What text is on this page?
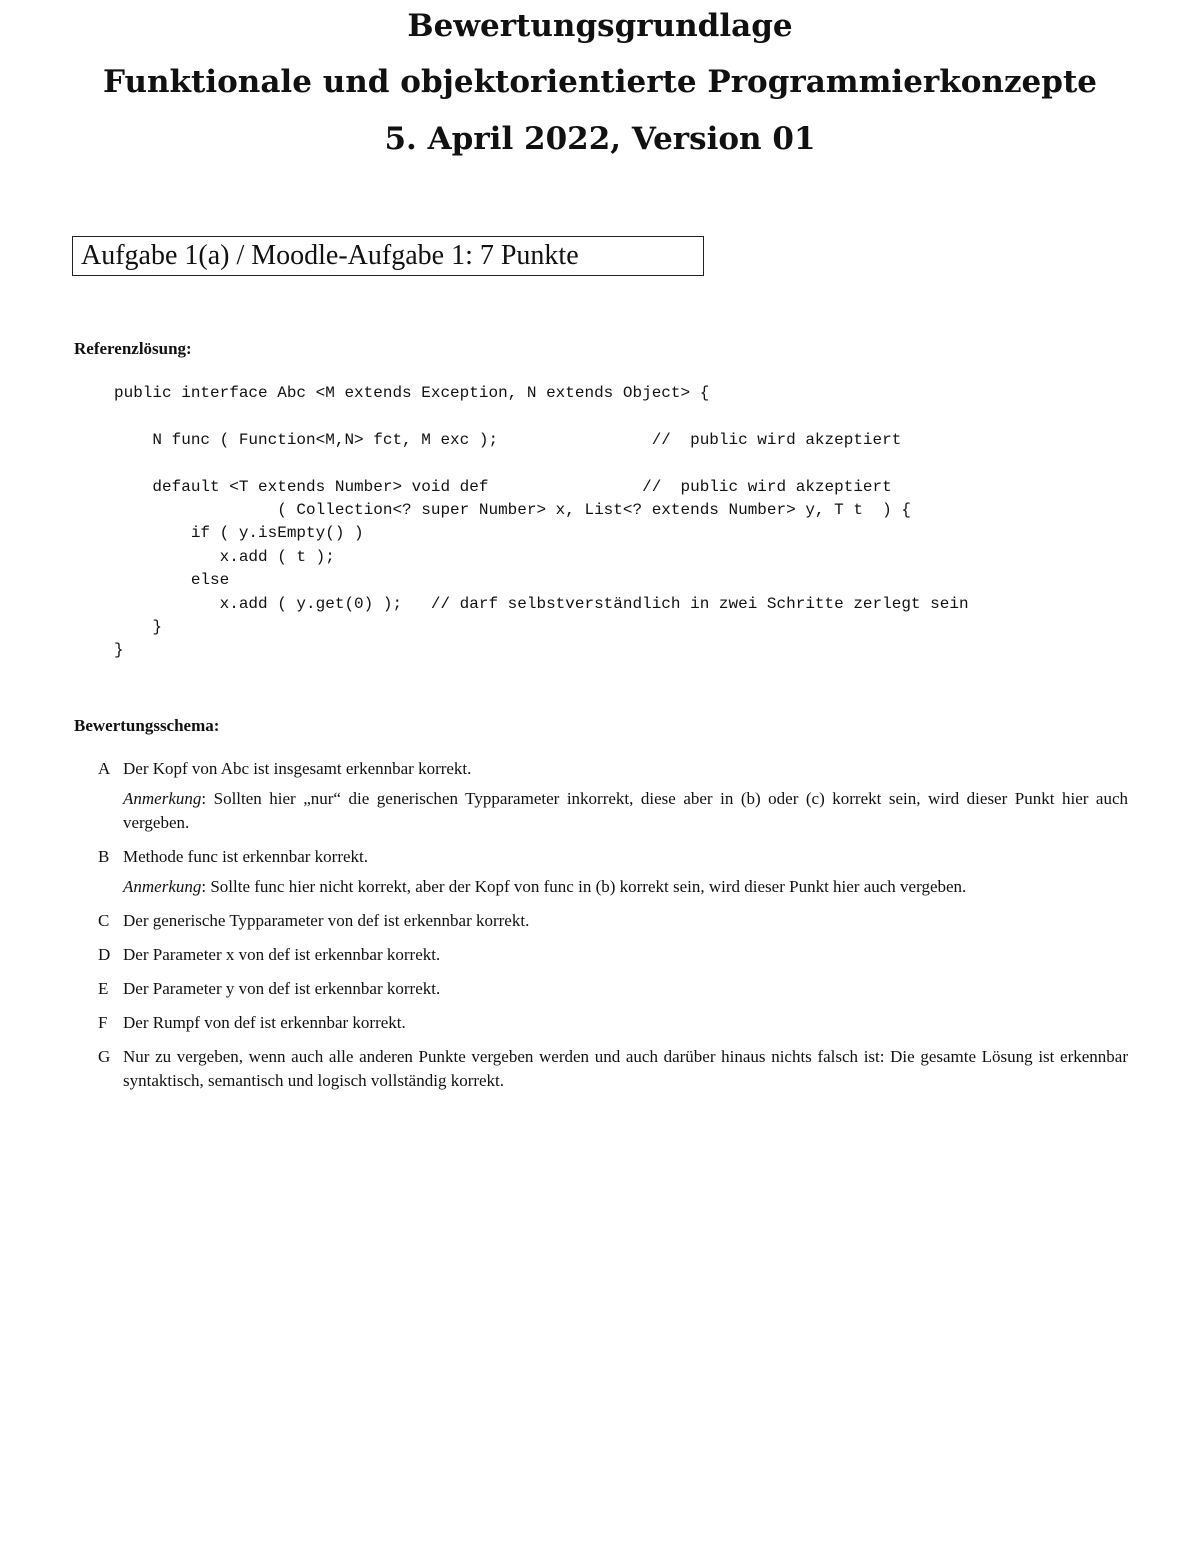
Bewertungsgrundlage
Funktionale und objektorientierte Programmierkonzepte
5. April 2022, Version 01
Aufgabe 1(a) / Moodle-Aufgabe 1: 7 Punkte
Referenzlösung:
public interface Abc <M extends Exception, N extends Object> {
N func ( Function<M,N> fct, M exc );                //  public wird akzeptiert
default <T extends Number> void def                //  public wird akzeptiert
( Collection<? super Number> x, List<? extends Number> y, T t  ) {
if ( y.isEmpty() )
x.add ( t );
else
x.add ( y.get(0) );   // darf selbstverständlich in zwei Schritte zerlegt sein
}
}
Bewertungsschema:
A Der Kopf von Abc ist insgesamt erkennbar korrekt.
Anmerkung: Sollten hier „nur“ die generischen Typparameter inkorrekt, diese aber in (b) oder (c) korrekt sein, wird dieser Punkt hier auch vergeben.
B Methode func ist erkennbar korrekt.
Anmerkung: Sollte func hier nicht korrekt, aber der Kopf von func in (b) korrekt sein, wird dieser Punkt hier auch vergeben.
C Der generische Typparameter von def ist erkennbar korrekt.
D Der Parameter x von def ist erkennbar korrekt.
E Der Parameter y von def ist erkennbar korrekt.
F Der Rumpf von def ist erkennbar korrekt.
G Nur zu vergeben, wenn auch alle anderen Punkte vergeben werden und auch darüber hinaus nichts falsch ist: Die gesamte Lösung ist erkennbar syntaktisch, semantisch und logisch vollständig korrekt.
